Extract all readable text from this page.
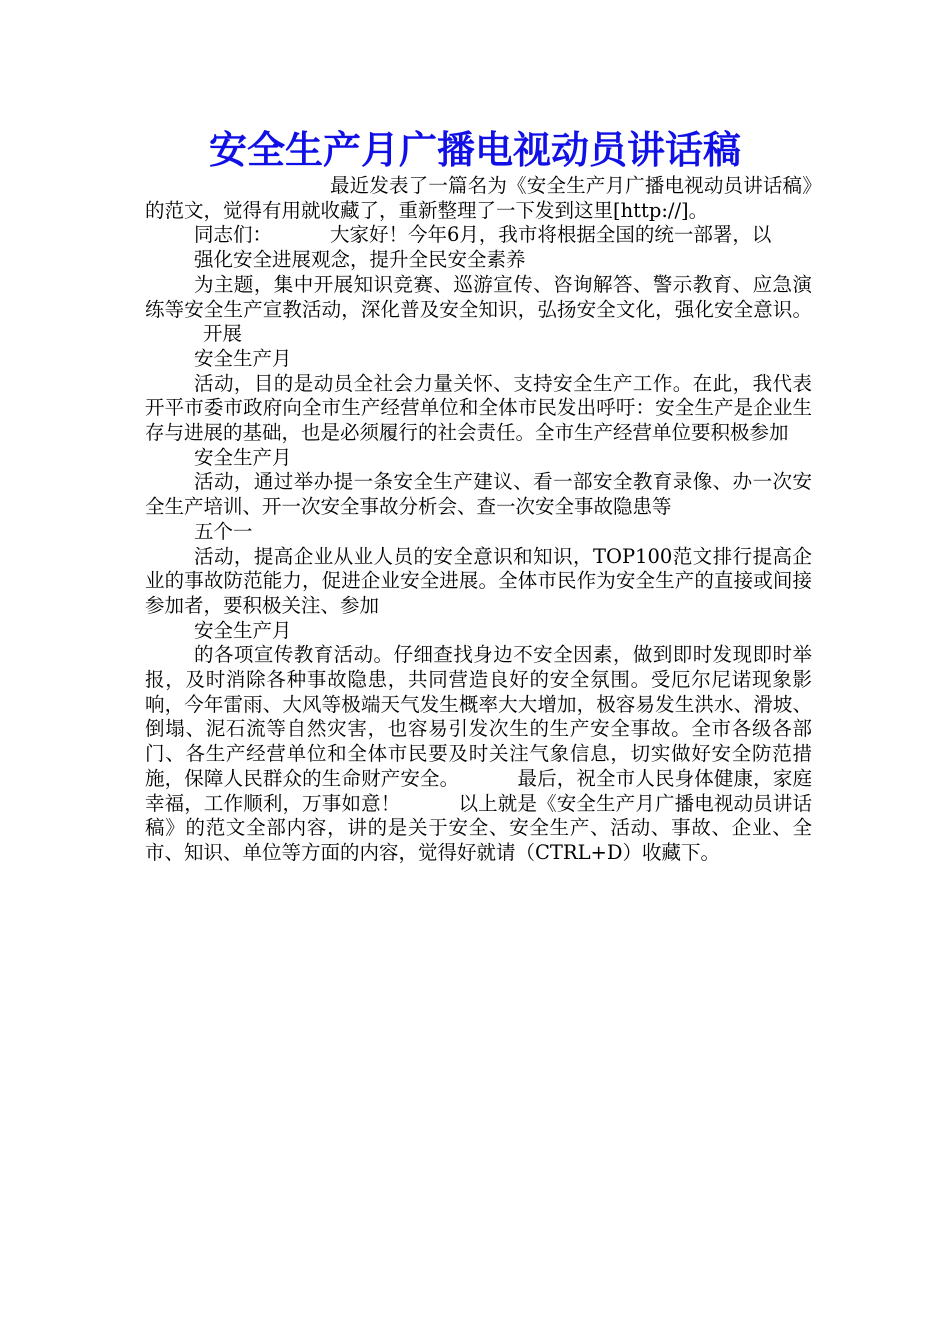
安全生产月广播电视动员讲话稿

最近发表了一篇名为《安全生产月广播电视动员讲话稿》的范文，觉得有用就收藏了，重新整理了一下发到这里[http://]。

同志们：	大家好！今年6月，我市将根据全国的统一部署，以

强化安全进展观念，提升全民安全素养

为主题，集中开展知识竞赛、巡游宣传、咨询解答、警示教育、应急演练等安全生产宣教活动，深化普及安全知识，弘扬安全文化，强化安全意识。开展

安全生产月

活动，目的是动员全社会力量关怀、支持安全生产工作。在此，我代表开平市委市政府向全市生产经营单位和全体市民发出呼吁：安全生产是企业生存与进展的基础，也是必须履行的社会责任。全市生产经营单位要积极参加

安全生产月

活动，通过举办提一条安全生产建议、看一部安全教育录像、办一次安全生产培训、开一次安全事故分析会、查一次安全事故隐患等

五个一

活动，提高企业从业人员的安全意识和知识，TOP100范文排行提高企业的事故防范能力，促进企业安全进展。全体市民作为安全生产的直接或间接参加者，要积极关注、参加

安全生产月

的各项宣传教育活动。仔细查找身边不安全因素，做到即时发现即时举报，及时消除各种事故隐患，共同营造良好的安全氛围。受厄尔尼诺现象影响，今年雷雨、大风等极端天气发生概率大大增加，极容易发生洪水、滑坡、倒塌、泥石流等自然灾害，也容易引发次生的生产安全事故。全市各级各部门、各生产经营单位和全体市民要及时关注气象信息，切实做好安全防范措施，保障人民群众的生命财产安全。	最后，祝全市人民身体健康，家庭幸福，工作顺利，万事如意！	以上就是《安全生产月广播电视动员讲话稿》的范文全部内容，讲的是关于安全、安全生产、活动、事故、企业、全市、知识、单位等方面的内容，觉得好就请（CTRL+D）收藏下。
